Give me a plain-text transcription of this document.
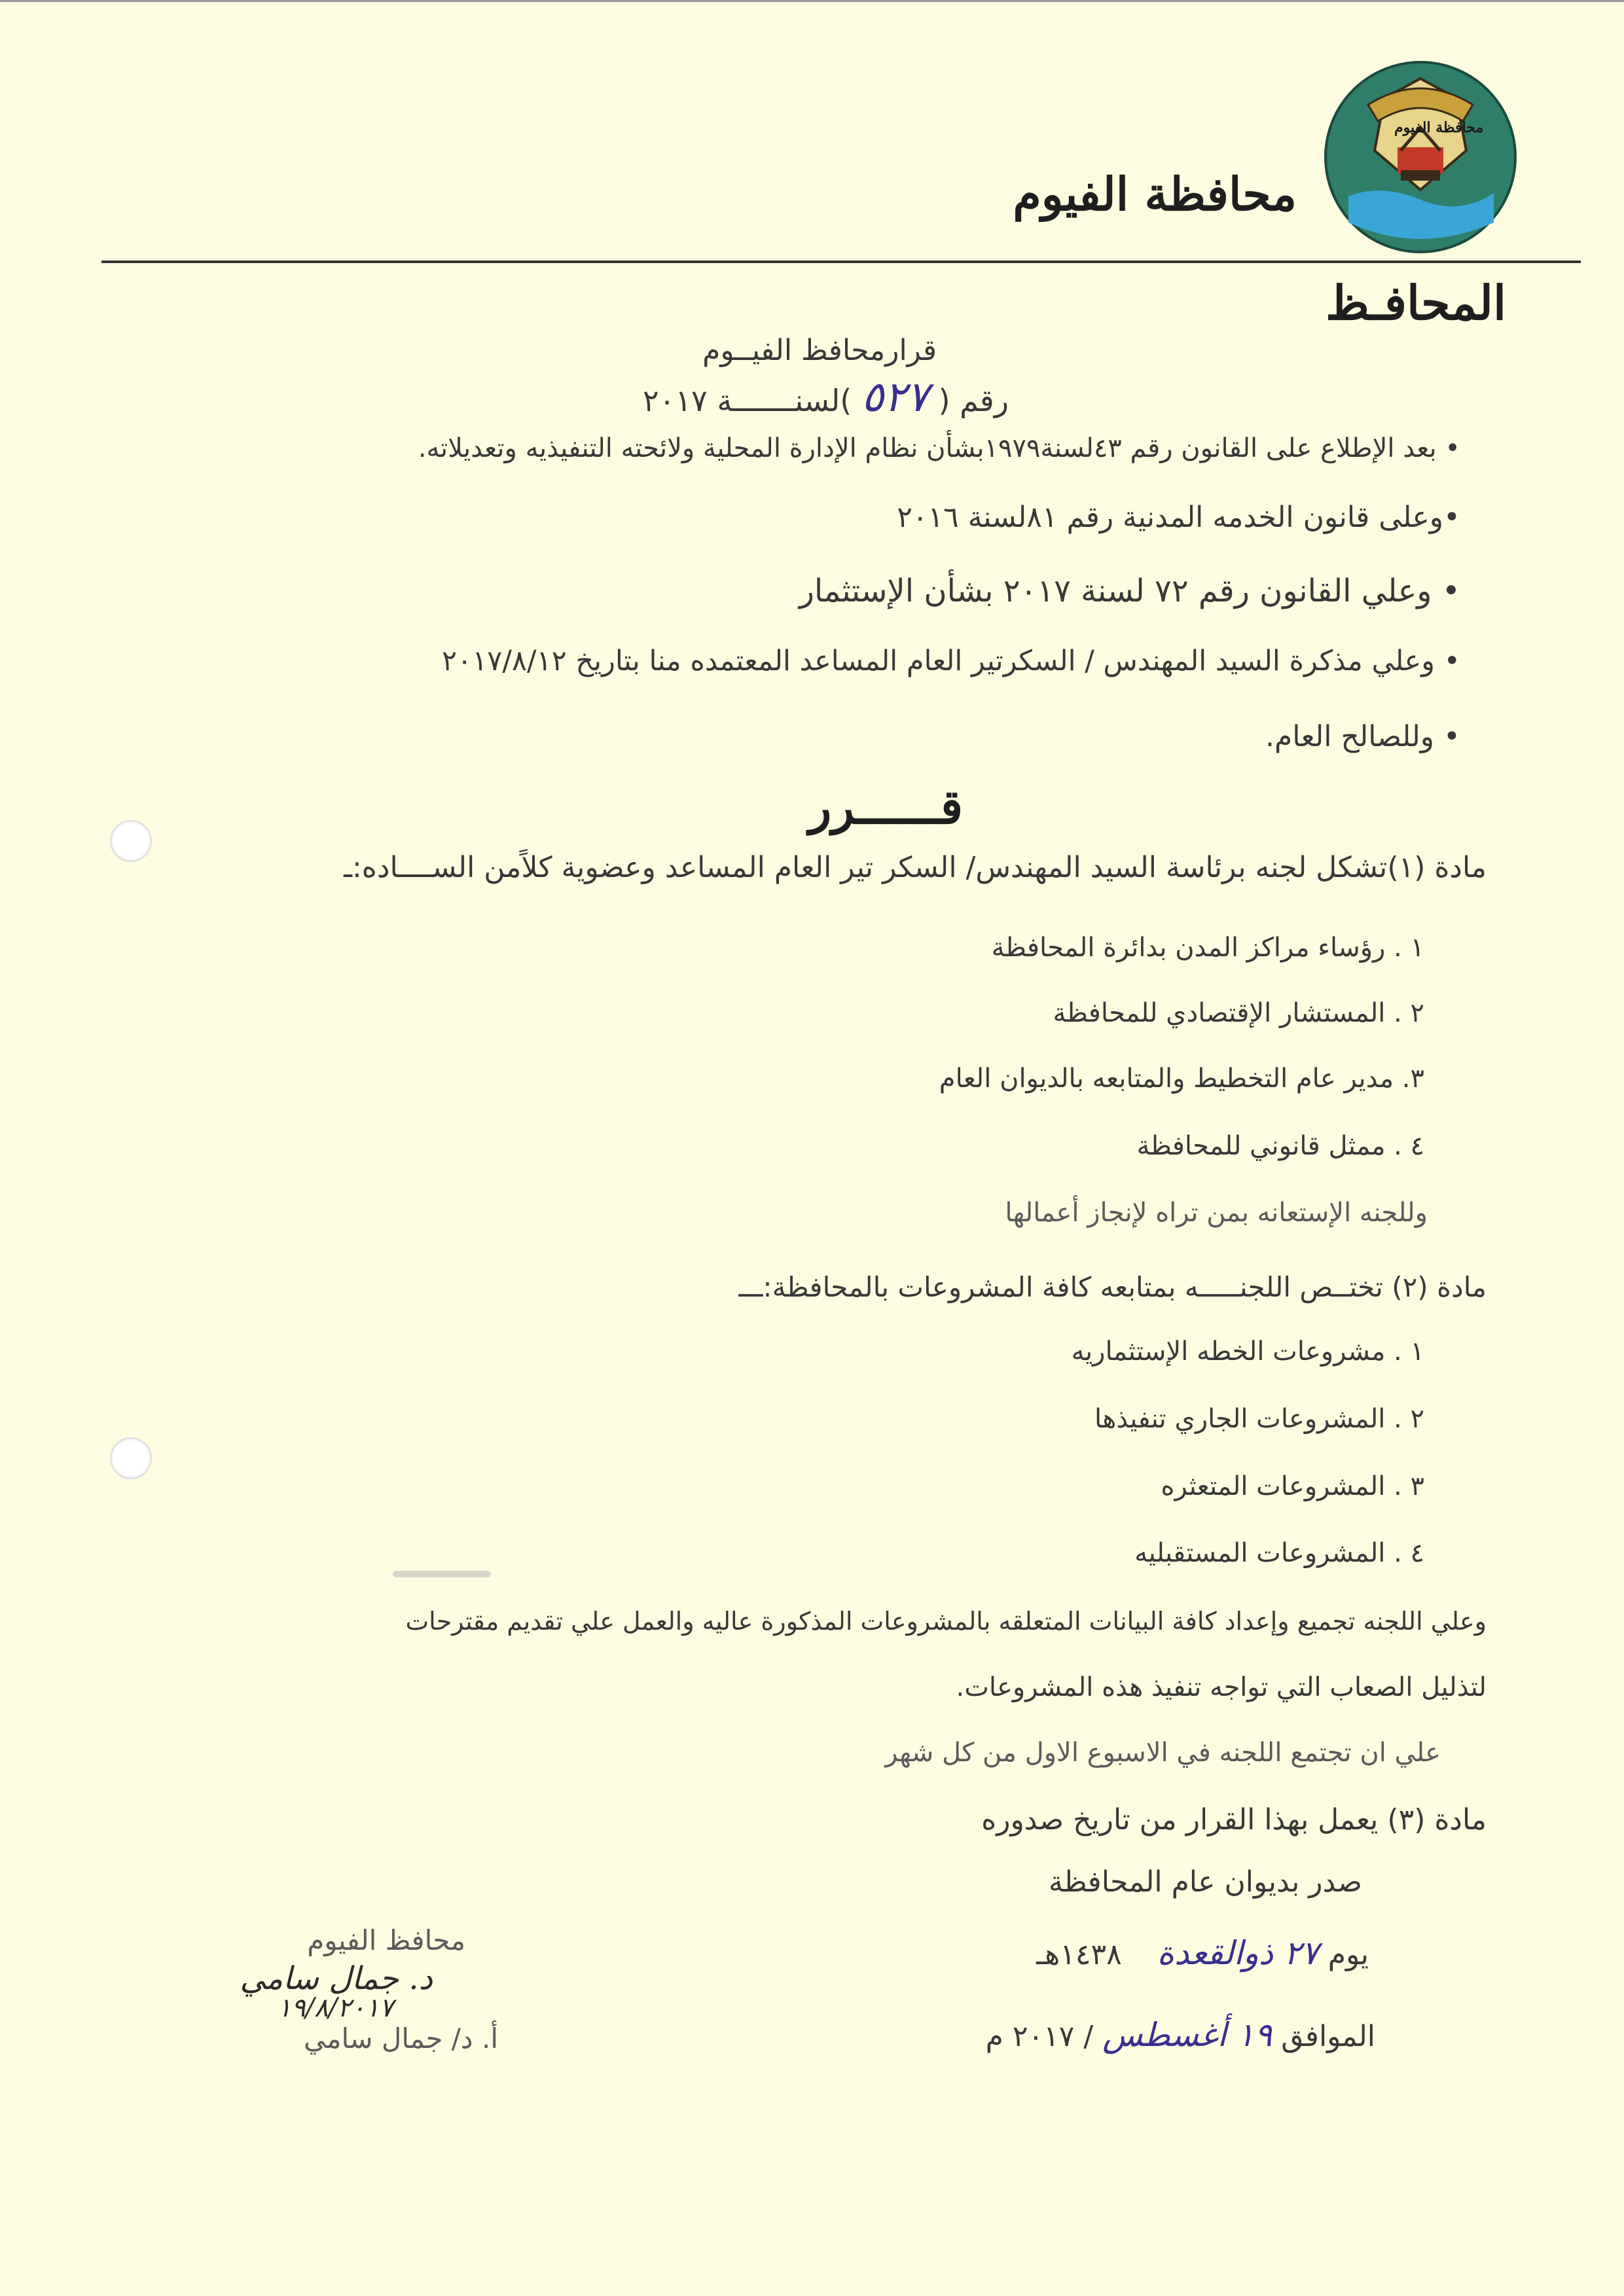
محافظة الفيوم
محافظة الفيوم
المحافـظ
قرارمحافظ الفيــوم
رقم ( ٥٢٧ )لسنـــــــة ٢٠١٧
• بعد الإطلاع على القانون رقم ٤٣لسنة١٩٧٩بشأن نظام الإدارة المحلية ولائحته التنفيذيه وتعديلاته.
•وعلى قانون الخدمه المدنية رقم ٨١لسنة ٢٠١٦
• وعلي القانون رقم ٧٢ لسنة ٢٠١٧ بشأن الإستثمار
• وعلي مذكرة السيد المهندس / السكرتير العام المساعد المعتمده منا بتاريخ ٢٠١٧/٨/١٢
• وللصالح العام.
قــــــرر
مادة (١)تشكل لجنه برئاسة السيد المهندس/ السكر تير العام المساعد وعضوية كلاًمن الســــاده:ـ
١ . رؤساء مراكز المدن بدائرة المحافظة
٢ . المستشار الإقتصادي للمحافظة
٣. مدير عام التخطيط والمتابعه بالديوان العام
٤ . ممثل قانوني للمحافظة
وللجنه الإستعانه بمن تراه لإنجاز أعمالها
مادة (٢) تختــص اللجنـــــه بمتابعه كافة المشروعات بالمحافظة:ـــ
١ . مشروعات الخطه الإستثماريه
٢ . المشروعات الجاري تنفيذها
٣ . المشروعات المتعثره
٤ . المشروعات المستقبليه
وعلي اللجنه تجميع وإعداد كافة البيانات المتعلقه بالمشروعات المذكورة عاليه والعمل علي تقديم مقترحات
لتذليل الصعاب التي تواجه تنفيذ هذه المشروعات.
علي ان تجتمع اللجنه في الاسبوع الاول من كل شهر
مادة (٣) يعمل بهذا القرار من تاريخ صدوره
صدر بديوان عام المحافظة
يوم ٢٧ ذوالقعدة ١٤٣٨هـ
الموافق ١٩ أغسطس / ٢٠١٧ م
محافظ الفيوم
د. جمال سامي
١٩/٨/٢٠١٧
أ. د/ جمال سامي
